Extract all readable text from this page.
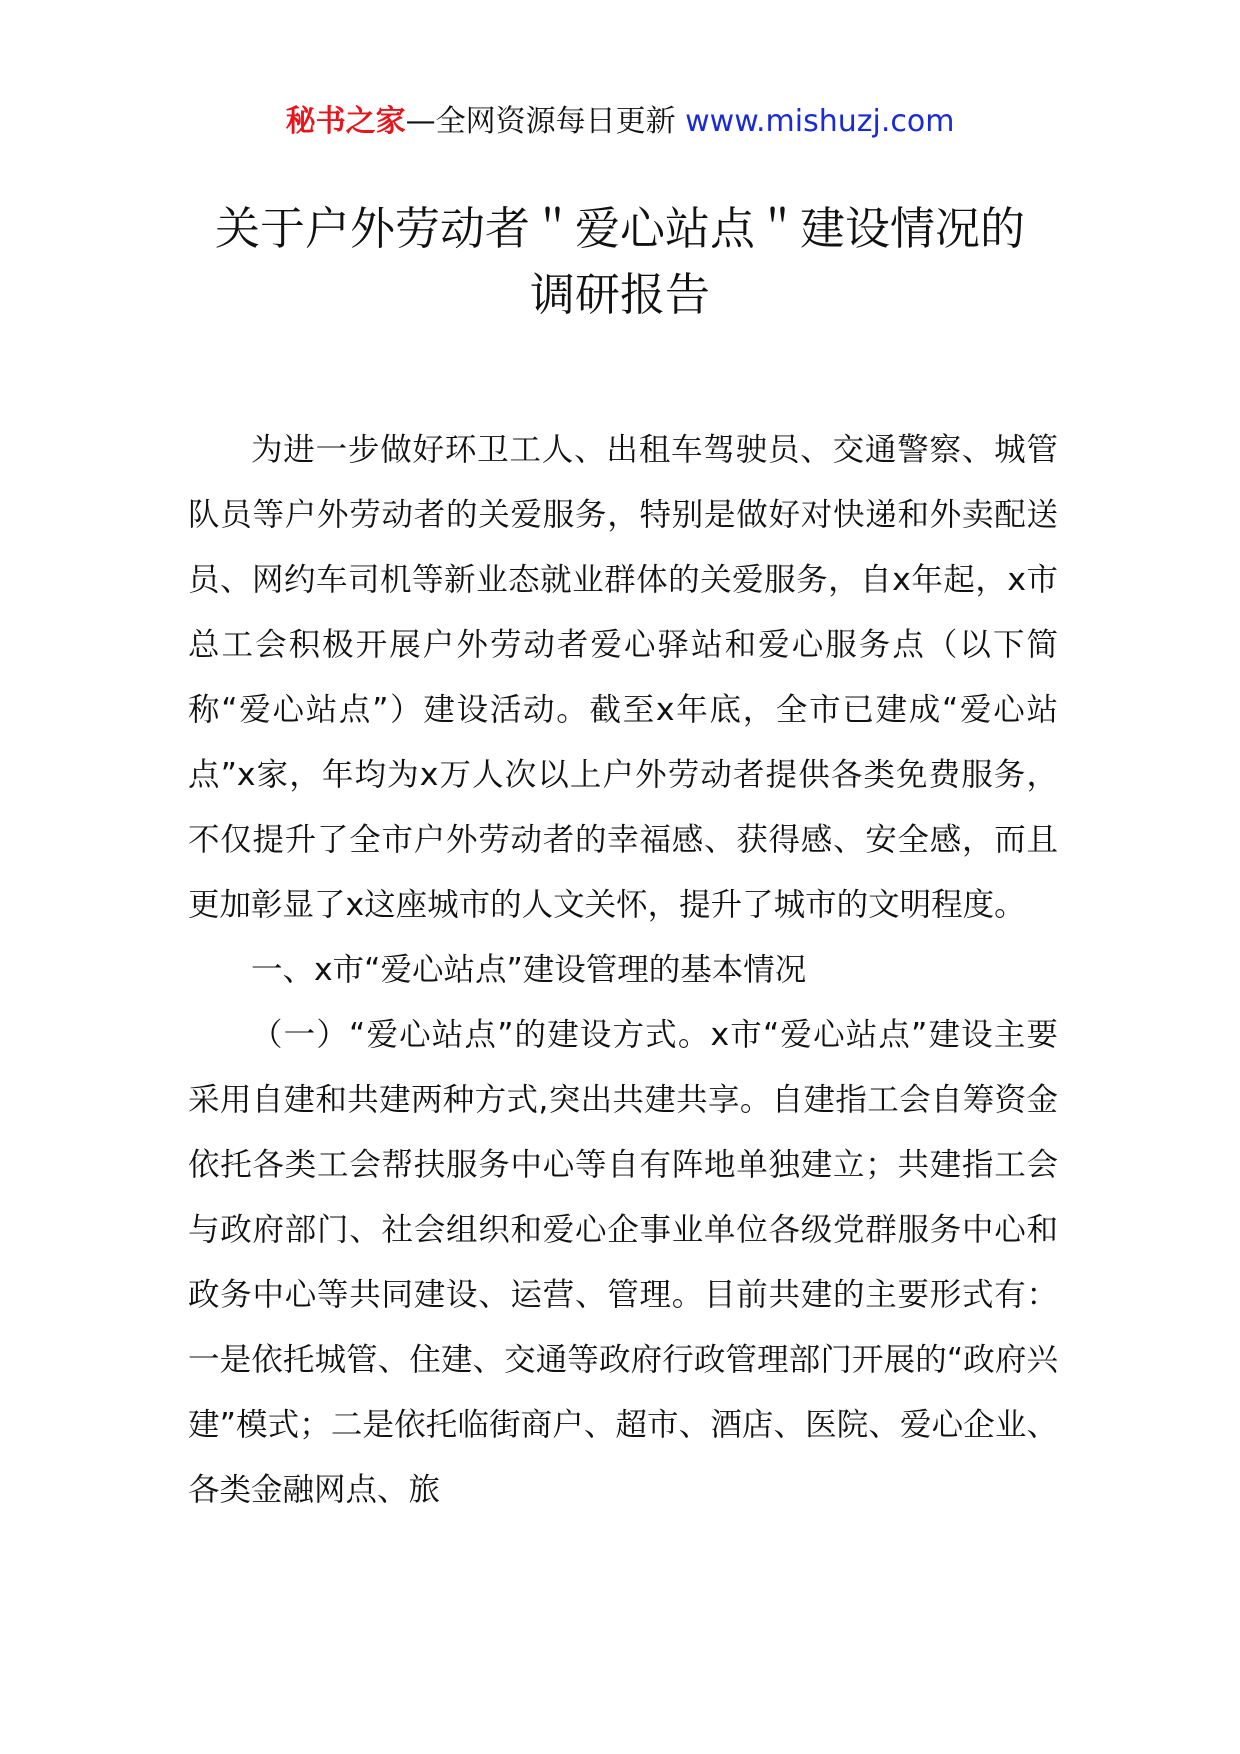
秘书之家—全网资源每日更新 www.mishuzj.com
关于户外劳动者＂爱心站点＂建设情况的
调研报告

为进一步做好环卫工人、出租车驾驶员、交通警察、城管队员等户外劳动者的关爱服务，特别是做好对快递和外卖配送员、网约车司机等新业态就业群体的关爱服务，自x年起，x市总工会积极开展户外劳动者爱心驿站和爱心服务点（以下简称“爱心站点”）建设活动。截至x年底，全市已建成“爱心站点”x家，年均为x万人次以上户外劳动者提供各类免费服务，不仅提升了全市户外劳动者的幸福感、获得感、安全感，而且更加彰显了x这座城市的人文关怀，提升了城市的文明程度。

一、x市“爱心站点”建设管理的基本情况

（一）“爱心站点”的建设方式。x市“爱心站点”建设主要采用自建和共建两种方式,突出共建共享。自建指工会自筹资金依托各类工会帮扶服务中心等自有阵地单独建立；共建指工会与政府部门、社会组织和爱心企事业单位各级党群服务中心和政务中心等共同建设、运营、管理。目前共建的主要形式有：一是依托城管、住建、交通等政府行政管理部门开展的“政府兴建”模式；二是依托临街商户、超市、酒店、医院、爱心企业、各类金融网点、旅
